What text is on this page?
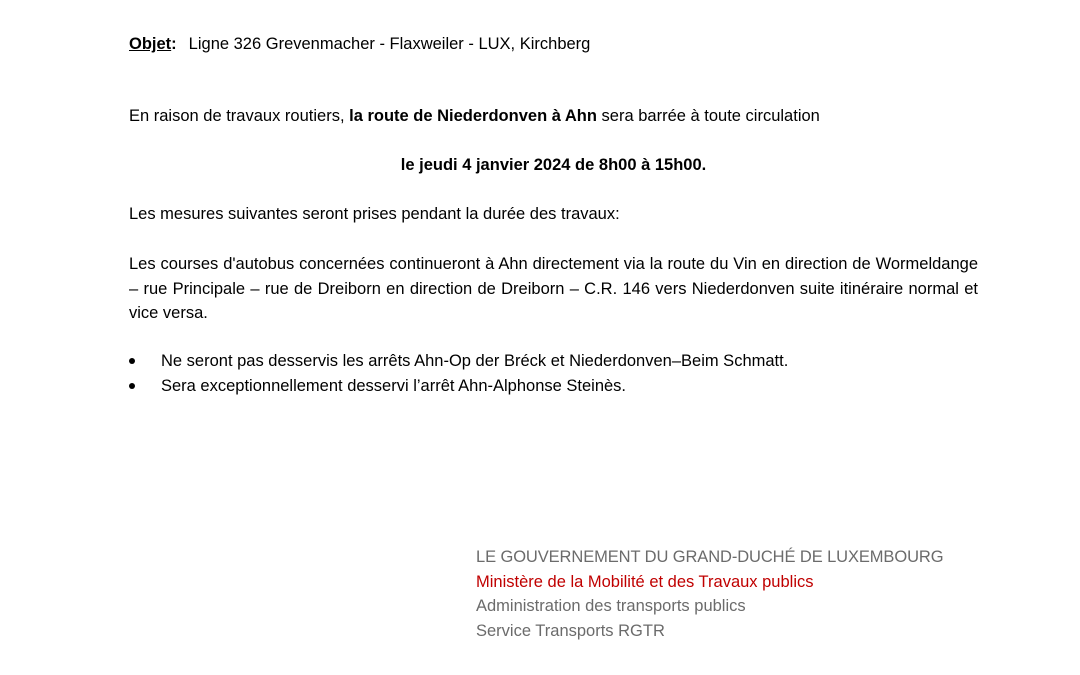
Objet: Ligne 326 Grevenmacher - Flaxweiler - LUX, Kirchberg

En raison de travaux routiers, la route de Niederdonven à Ahn sera barrée à toute circulation

le jeudi 4 janvier 2024 de 8h00 à 15h00.

Les mesures suivantes seront prises pendant la durée des travaux:

Les courses d'autobus concernées continueront à Ahn directement via la route du Vin en direction de Wormeldange – rue Principale – rue de Dreiborn en direction de Dreiborn – C.R. 146 vers Niederdonven suite itinéraire normal et vice versa.

Ne seront pas desservis les arrêts Ahn-Op der Bréck et Niederdonven–Beim Schmatt.
Sera exceptionnellement desservi l’arrêt Ahn-Alphonse Steinès.
LE GOUVERNEMENT DU GRAND-DUCHÉ DE LUXEMBOURG
Ministère de la Mobilité et des Travaux publics
Administration des transports publics
Service Transports RGTR
